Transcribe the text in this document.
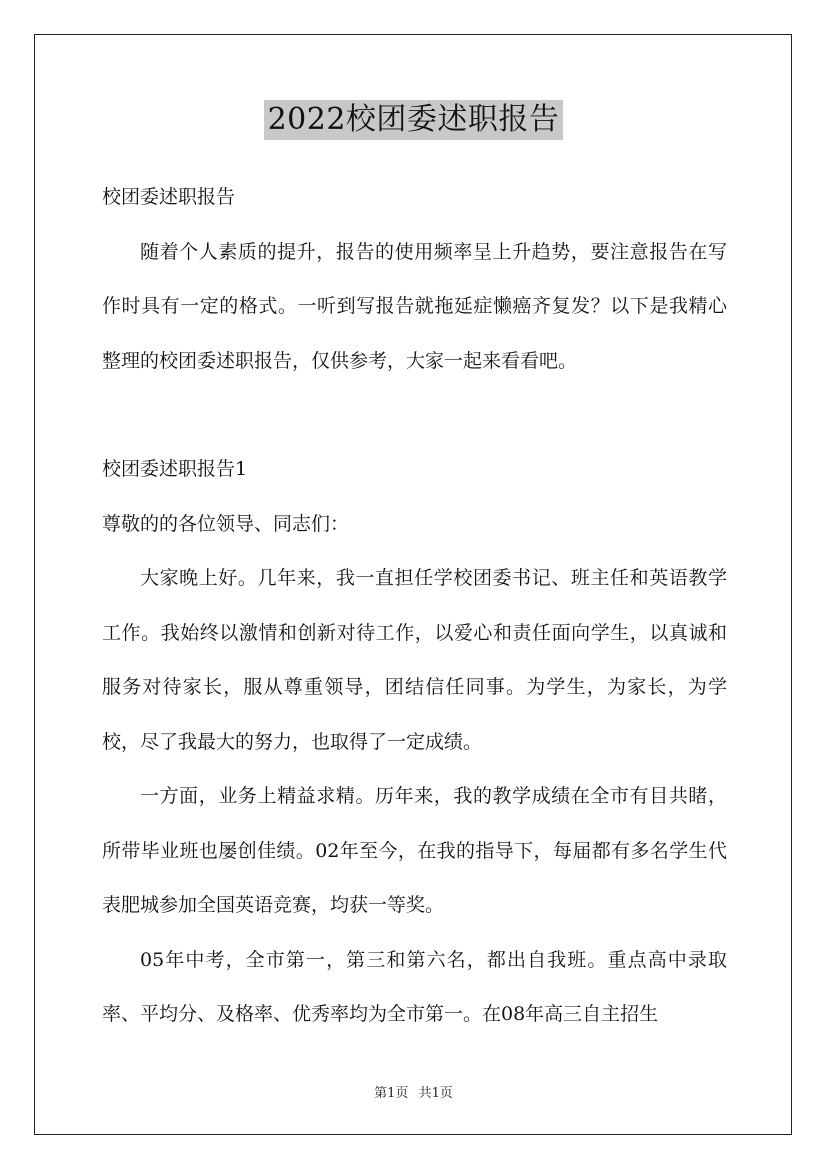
2022校团委述职报告

校团委述职报告

随着个人素质的提升，报告的使用频率呈上升趋势，要注意报告在写作时具有一定的格式。一听到写报告就拖延症懒癌齐复发？以下是我精心整理的校团委述职报告，仅供参考，大家一起来看看吧。

校团委述职报告1

尊敬的的各位领导、同志们：

大家晚上好。几年来，我一直担任学校团委书记、班主任和英语教学工作。我始终以激情和创新对待工作，以爱心和责任面向学生，以真诚和服务对待家长，服从尊重领导，团结信任同事。为学生，为家长，为学校，尽了我最大的努力，也取得了一定成绩。

一方面，业务上精益求精。历年来，我的教学成绩在全市有目共睹，所带毕业班也屡创佳绩。02年至今，在我的指导下，每届都有多名学生代表肥城参加全国英语竞赛，均获一等奖。

05年中考，全市第一，第三和第六名，都出自我班。重点高中录取率、平均分、及格率、优秀率均为全市第一。在08年高三自主招生

第1页 共1页
